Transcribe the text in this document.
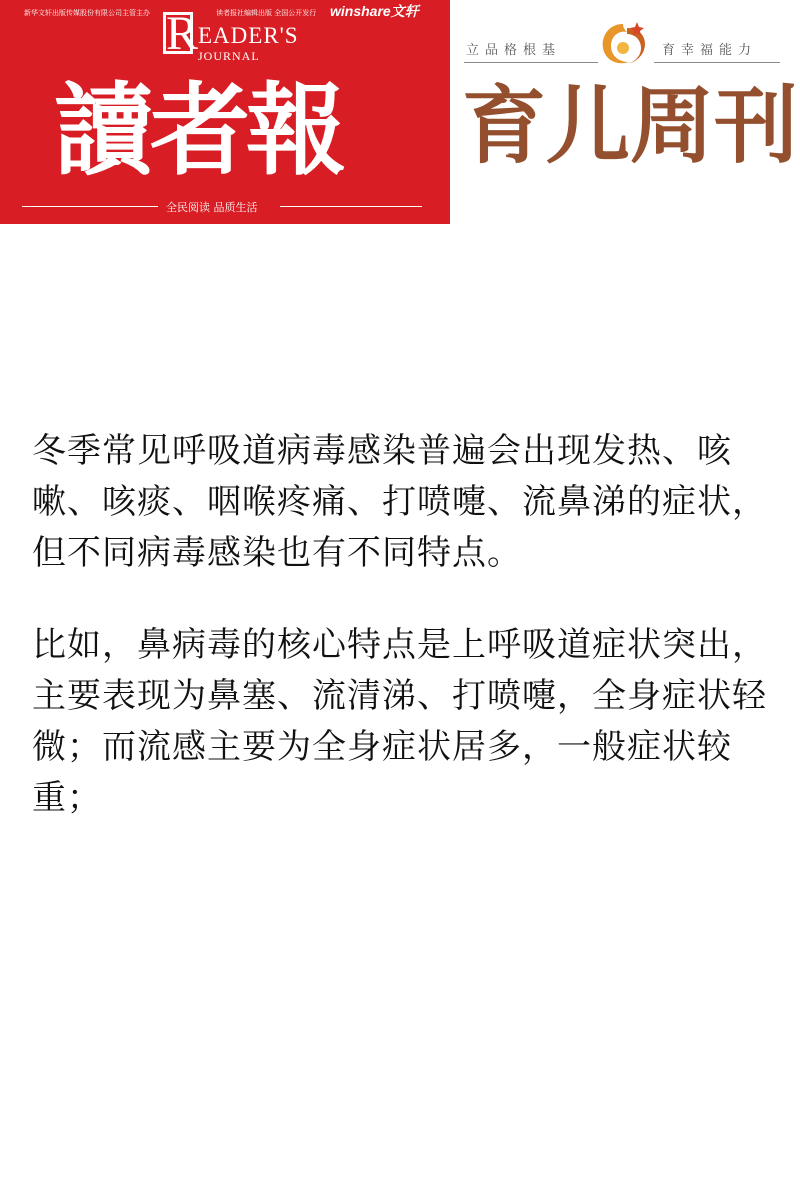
新华文轩出版传媒股份有限公司主管主办	读者报社编辑出版 全国公开发行 winshare文轩
R EADER'S
JOURNAL
讀者報
全民阅读 品质生活
立品格根基	育幸福能力
育儿周刊

冬季常见呼吸道病毒感染普遍会出现发热、咳嗽、咳痰、咽喉疼痛、打喷嚏、流鼻涕的症状，但不同病毒感染也有不同特点。

比如，鼻病毒的核心特点是上呼吸道症状突出，主要表现为鼻塞、流清涕、打喷嚏，全身症状轻微；而流感主要为全身症状居多，一般症状较重；
